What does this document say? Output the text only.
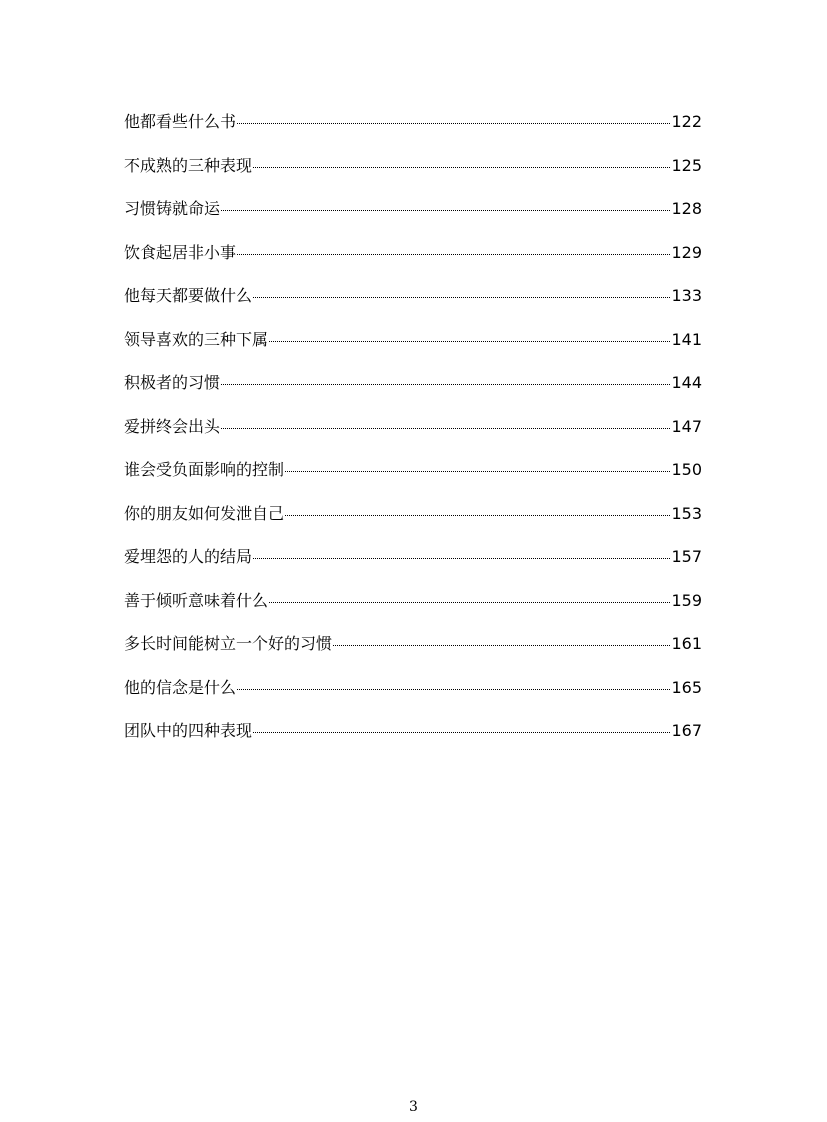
他都看些什么书	122
不成熟的三种表现	125
习惯铸就命运	128
饮食起居非小事	129
他每天都要做什么	133
领导喜欢的三种下属	141
积极者的习惯	144
爱拼终会出头	147
谁会受负面影响的控制	150
你的朋友如何发泄自己	153
爱埋怨的人的结局	157
善于倾听意味着什么	159
多长时间能树立一个好的习惯	161
他的信念是什么	165
团队中的四种表现	167
3
